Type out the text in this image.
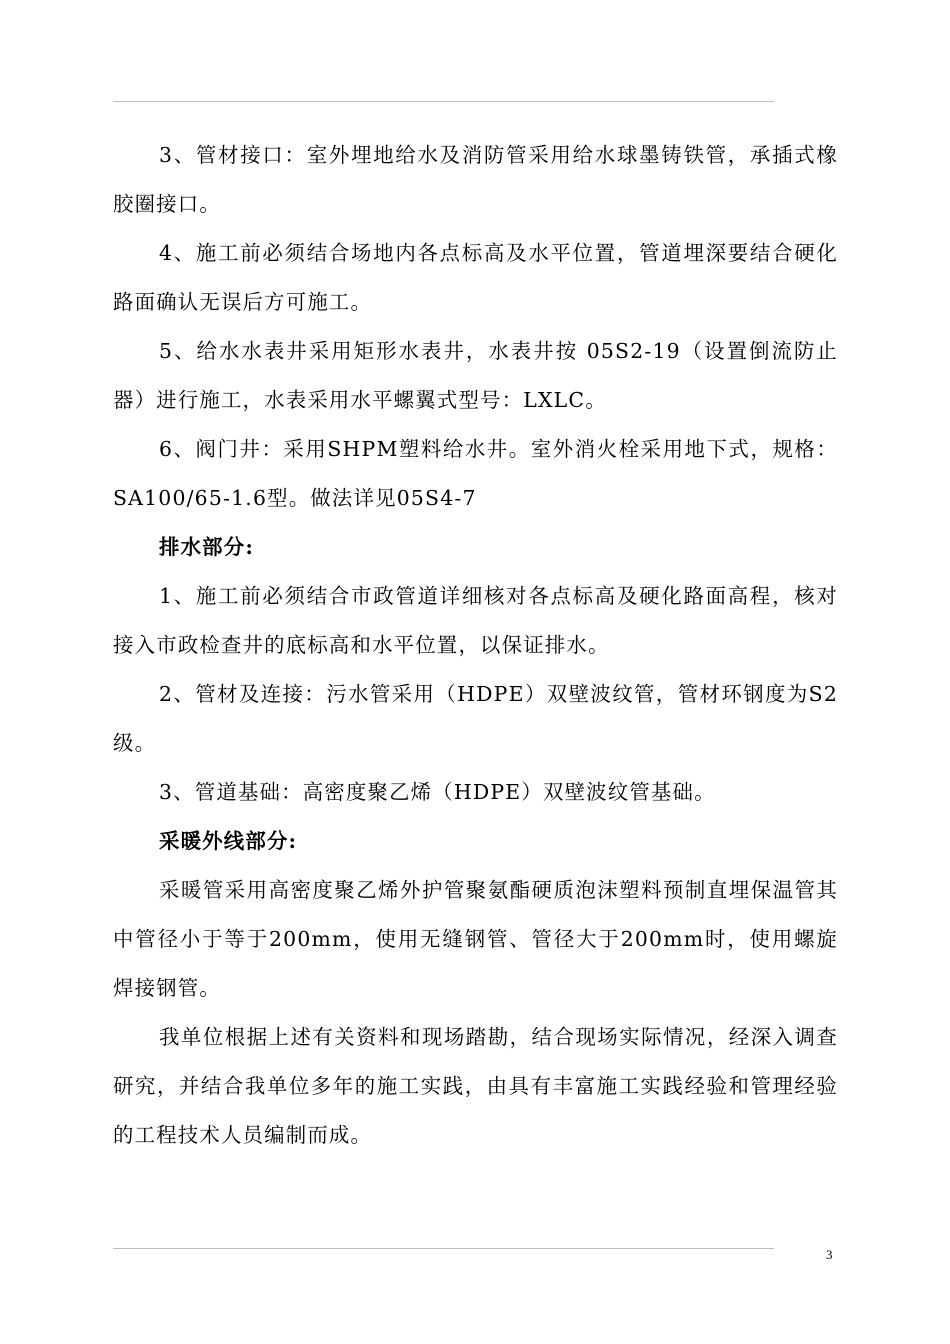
3、管材接口：室外埋地给水及消防管采用给水球墨铸铁管，承插式橡胶圈接口。

4、施工前必须结合场地内各点标高及水平位置，管道埋深要结合硬化路面确认无误后方可施工。

5、给水水表井采用矩形水表井，水表井按 05S2-19（设置倒流防止器）进行施工，水表采用水平螺翼式型号：LXLC。

6、阀门井：采用SHPM塑料给水井。室外消火栓采用地下式，规格：SA100/65-1.6型。做法详见05S4-7

排水部分:

1、施工前必须结合市政管道详细核对各点标高及硬化路面高程，核对接入市政检查井的底标高和水平位置，以保证排水。

2、管材及连接：污水管采用（HDPE）双壁波纹管，管材环钢度为S2级。

3、管道基础：高密度聚乙烯（HDPE）双壁波纹管基础。

采暖外线部分:

采暖管采用高密度聚乙烯外护管聚氨酯硬质泡沫塑料预制直埋保温管其中管径小于等于200mm，使用无缝钢管、管径大于200mm时，使用螺旋焊接钢管。

我单位根据上述有关资料和现场踏勘，结合现场实际情况，经深入调查研究，并结合我单位多年的施工实践，由具有丰富施工实践经验和管理经验的工程技术人员编制而成。

3
